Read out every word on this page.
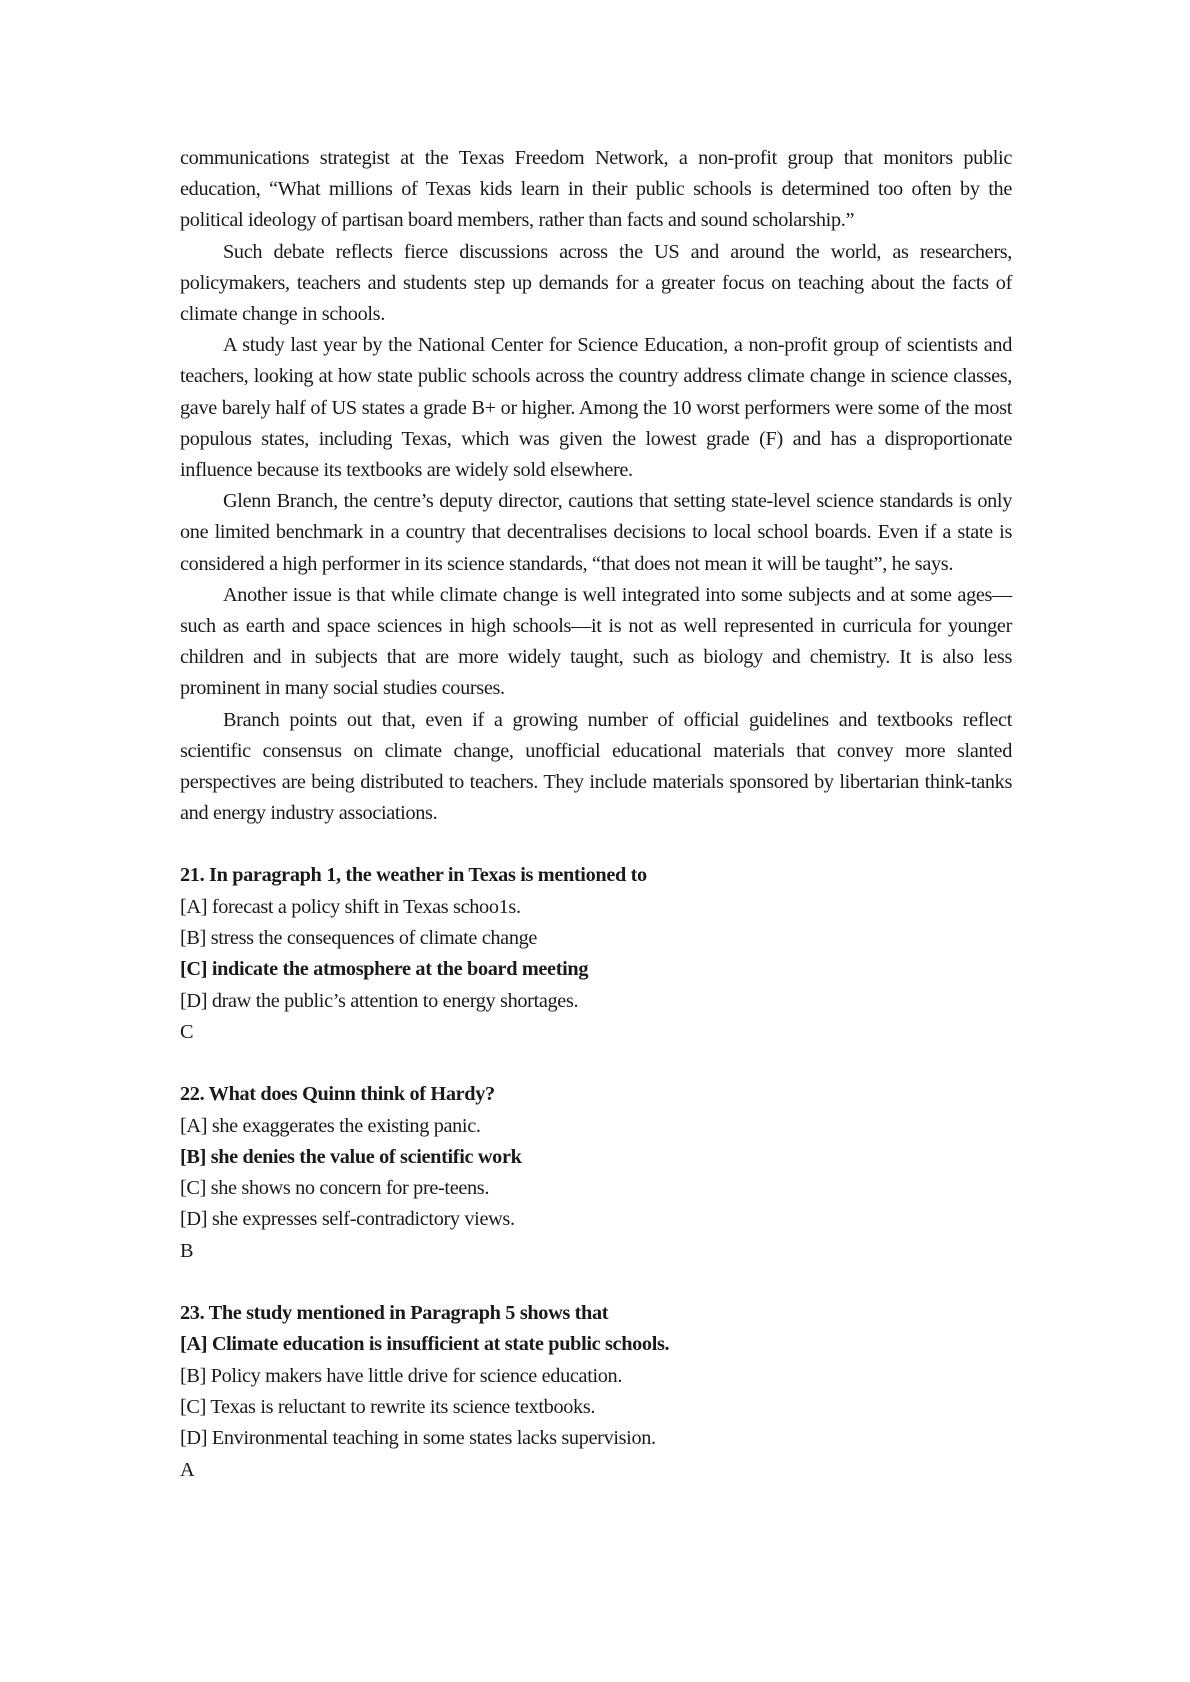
communications strategist at the Texas Freedom Network, a non-profit group that monitors public education, “What millions of Texas kids learn in their public schools is determined too often by the political ideology of partisan board members, rather than facts and sound scholarship.”

Such debate reflects fierce discussions across the US and around the world, as researchers, policymakers, teachers and students step up demands for a greater focus on teaching about the facts of climate change in schools.

A study last year by the National Center for Science Education, a non-profit group of scientists and teachers, looking at how state public schools across the country address climate change in science classes, gave barely half of US states a grade B+ or higher. Among the 10 worst performers were some of the most populous states, including Texas, which was given the lowest grade (F) and has a disproportionate influence because its textbooks are widely sold elsewhere.

Glenn Branch, the centre’s deputy director, cautions that setting state-level science standards is only one limited benchmark in a country that decentralises decisions to local school boards. Even if a state is considered a high performer in its science standards, “that does not mean it will be taught”, he says.

Another issue is that while climate change is well integrated into some subjects and at some ages—such as earth and space sciences in high schools—it is not as well represented in curricula for younger children and in subjects that are more widely taught, such as biology and chemistry. It is also less prominent in many social studies courses.

Branch points out that, even if a growing number of official guidelines and textbooks reflect scientific consensus on climate change, unofficial educational materials that convey more slanted perspectives are being distributed to teachers. They include materials sponsored by libertarian think-tanks and energy industry associations.

21. In paragraph 1, the weather in Texas is mentioned to
[A] forecast a policy shift in Texas schoo1s.
[B] stress the consequences of climate change
[C] indicate the atmosphere at the board meeting
[D] draw the public’s attention to energy shortages.
C
22. What does Quinn think of Hardy?
[A] she exaggerates the existing panic.
[B] she denies the value of scientific work
[C] she shows no concern for pre-teens.
[D] she expresses self-contradictory views.
B
23. The study mentioned in Paragraph 5 shows that
[A] Climate education is insufficient at state public schools.
[B] Policy makers have little drive for science education.
[C] Texas is reluctant to rewrite its science textbooks.
[D] Environmental teaching in some states lacks supervision.
A
